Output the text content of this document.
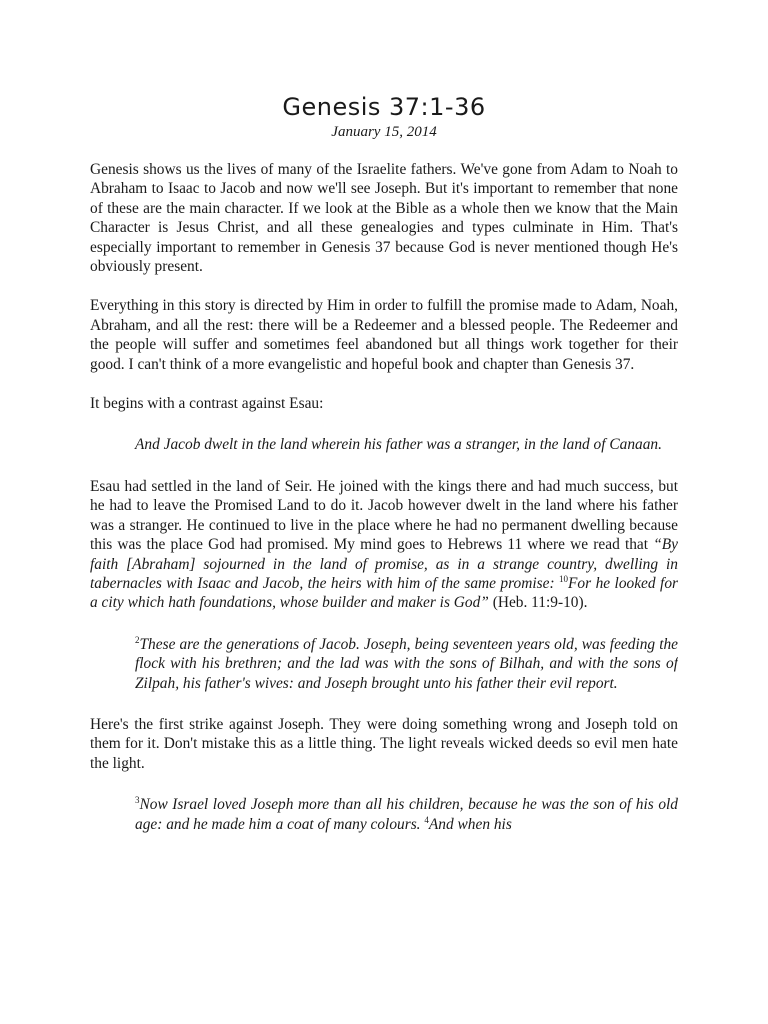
Genesis 37:1-36

January 15, 2014

Genesis shows us the lives of many of the Israelite fathers. We've gone from Adam to Noah to Abraham to Isaac to Jacob and now we'll see Joseph. But it's important to remember that none of these are the main character. If we look at the Bible as a whole then we know that the Main Character is Jesus Christ, and all these genealogies and types culminate in Him. That's especially important to remember in Genesis 37 because God is never mentioned though He's obviously present.

Everything in this story is directed by Him in order to fulfill the promise made to Adam, Noah, Abraham, and all the rest: there will be a Redeemer and a blessed people. The Redeemer and the people will suffer and sometimes feel abandoned but all things work together for their good. I can't think of a more evangelistic and hopeful book and chapter than Genesis 37.

It begins with a contrast against Esau:

And Jacob dwelt in the land wherein his father was a stranger, in the land of Canaan.

Esau had settled in the land of Seir. He joined with the kings there and had much success, but he had to leave the Promised Land to do it. Jacob however dwelt in the land where his father was a stranger. He continued to live in the place where he had no permanent dwelling because this was the place God had promised. My mind goes to Hebrews 11 where we read that “By faith [Abraham] sojourned in the land of promise, as in a strange country, dwelling in tabernacles with Isaac and Jacob, the heirs with him of the same promise: $^{10}$For he looked for a city which hath foundations, whose builder and maker is God” (Heb. 11:9-10).

$^2$These are the generations of Jacob. Joseph, being seventeen years old, was feeding the flock with his brethren; and the lad was with the sons of Bilhah, and with the sons of Zilpah, his father's wives: and Joseph brought unto his father their evil report.

Here's the first strike against Joseph. They were doing something wrong and Joseph told on them for it. Don't mistake this as a little thing. The light reveals wicked deeds so evil men hate the light.

$^3$Now Israel loved Joseph more than all his children, because he was the son of his old age: and he made him a coat of many colours. $^4$And when his
